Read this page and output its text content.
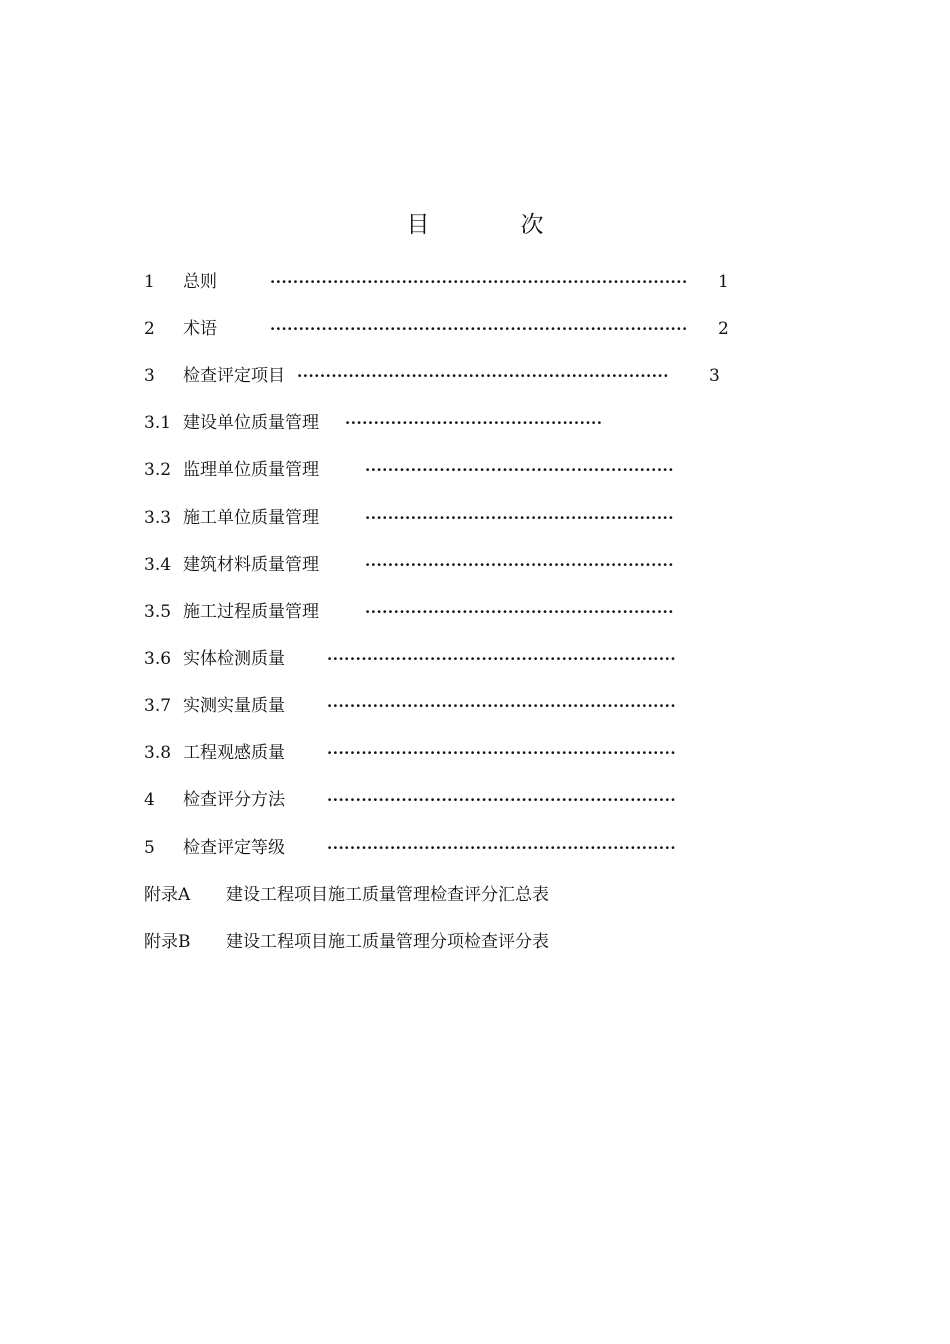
目　次
1 总则	·········································································	1
2 术语	·········································································	2
3 检查评定项目 ·································································	3
3.1 建设单位质量管理 ·············································
3.2 监理单位质量管理	······················································
3.3 施工单位质量管理	······················································
3.4 建筑材料质量管理	······················································
3.5 施工过程质量管理	······················································
3.6 实体检测质量	·····························································
3.7 实测实量质量	·····························································
3.8 工程观感质量	·····························································
4 检查评分方法	·····························································
5 检查评定等级	·····························································
附录A 建设工程项目施工质量管理检查评分汇总表
附录B 建设工程项目施工质量管理分项检查评分表
